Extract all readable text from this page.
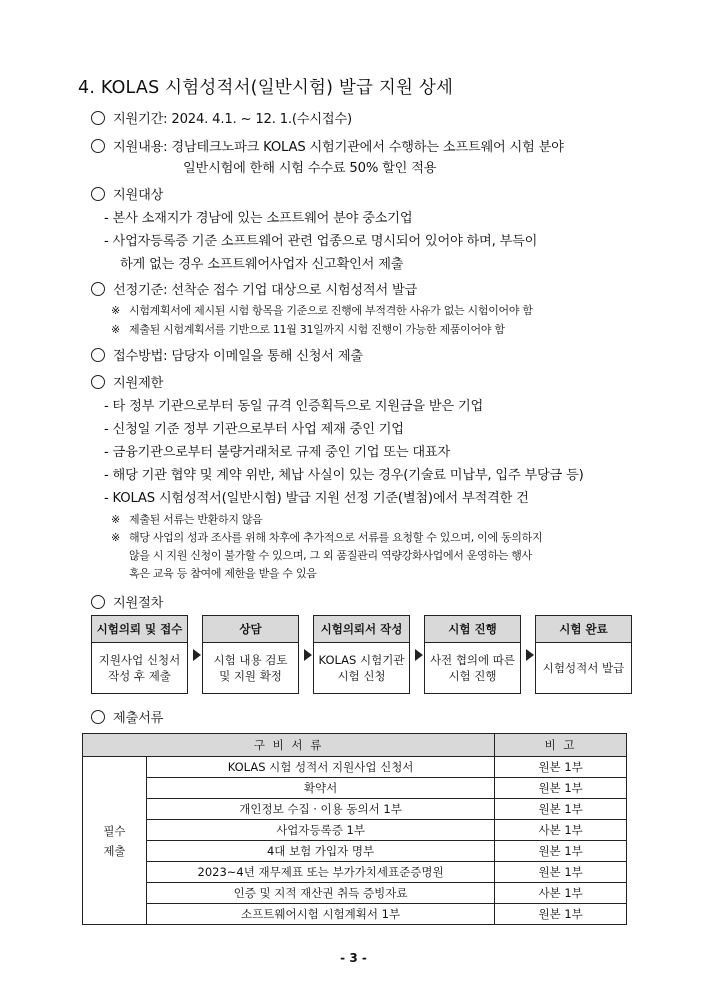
4. KOLAS 시험성적서(일반시험) 발급 지원 상세
지원기간: 2024. 4.1. ~ 12. 1.(수시접수)
지원내용: 경남테크노파크 KOLAS 시험기관에서 수행하는 소프트웨어 시험 분야
일반시험에 한해 시험 수수료 50% 할인 적용
지원대상
- 본사 소재지가 경남에 있는 소프트웨어 분야 중소기업
- 사업자등록증 기준 소프트웨어 관련 업종으로 명시되어 있어야 하며, 부득이
하게 없는 경우 소프트웨어사업자 신고확인서 제출
선정기준: 선착순 접수 기업 대상으로 시험성적서 발급
※ 시험계획서에 제시된 시험 항목을 기준으로 진행에 부적격한 사유가 없는 시험이어야 함
※ 제출된 시험계획서를 기반으로 11월 31일까지 시험 진행이 가능한 제품이어야 함
접수방법: 담당자 이메일을 통해 신청서 제출
지원제한
- 타 정부 기관으로부터 동일 규격 인증획득으로 지원금을 받은 기업
- 신청일 기준 정부 기관으로부터 사업 제재 중인 기업
- 금융기관으로부터 불량거래처로 규제 중인 기업 또는 대표자
- 해당 기관 협약 및 계약 위반, 체납 사실이 있는 경우(기술료 미납부, 입주 부당금 등)
- KOLAS 시험성적서(일반시험) 발급 지원 선정 기준(별첨)에서 부적격한 건
※ 제출된 서류는 반환하지 않음
※ 해당 사업의 성과 조사를 위해 차후에 추가적으로 서류를 요청할 수 있으며, 이에 동의하지
않을 시 지원 신청이 불가할 수 있으며, 그 외 품질관리 역량강화사업에서 운영하는 행사
혹은 교육 등 참여에 제한을 받을 수 있음
지원절차
시험의뢰 및 접수
지원사업 신청서
작성 후 제출
상담
시험 내용 검토
및 지원 확정
시험의뢰서 작성
KOLAS 시험기관
시험 신청
시험 진행
사전 협의에 따른
시험 진행
시험 완료
시험성적서 발급
제출서류
구 비 서 류		비 고
필수
제출	KOLAS 시험 성적서 지원사업 신청서	원본 1부
	확약서	원본 1부
	개인정보 수집 · 이용 동의서 1부	원본 1부
	사업자등록증 1부	사본 1부
	4대 보험 가입자 명부	원본 1부
	2023~4년 재무제표 또는 부가가치세표준증명원	원본 1부
	인증 및 지적 재산권 취득 증빙자료	사본 1부
	소프트웨어시험 시험계획서 1부	원본 1부
- 3 -
